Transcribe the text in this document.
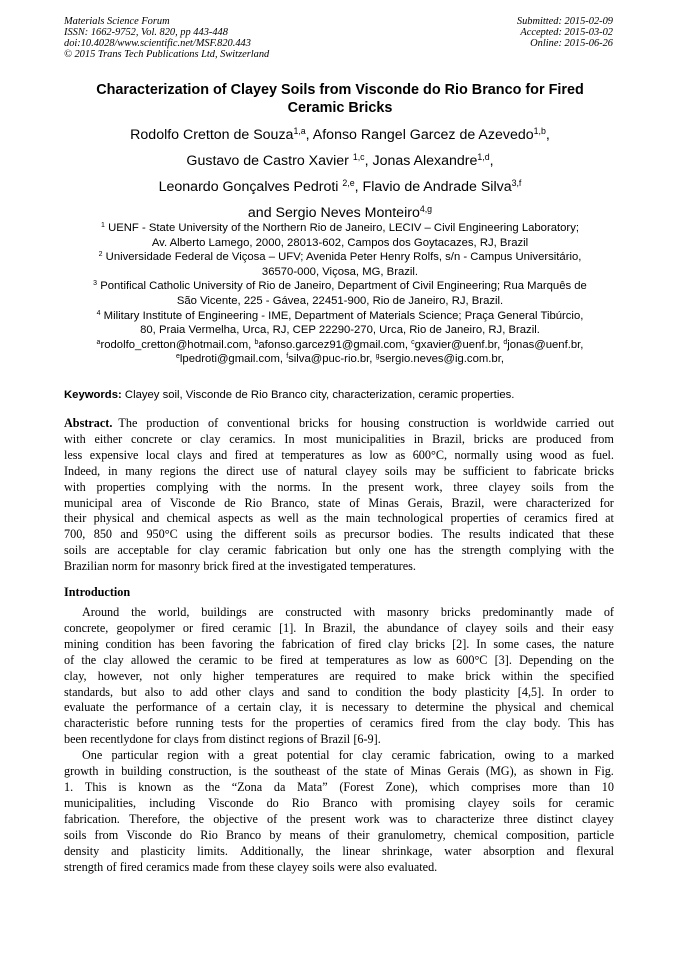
Materials Science Forum
ISSN: 1662-9752, Vol. 820, pp 443-448
doi:10.4028/www.scientific.net/MSF.820.443
© 2015 Trans Tech Publications Ltd, Switzerland
Submitted: 2015-02-09
Accepted: 2015-03-02
Online: 2015-06-26
Characterization of Clayey Soils from Visconde do Rio Branco for Fired
Ceramic Bricks
Rodolfo Cretton de Souza$^{1,a}$, Afonso Rangel Garcez de Azevedo$^{1,b}$,
Gustavo de Castro Xavier $^{1,c}$, Jonas Alexandre$^{1,d}$,
Leonardo Gonçalves Pedroti $^{2,e}$, Flavio de Andrade Silva$^{3,f}$
and Sergio Neves Monteiro$^{4,g}$
$^1$ UENF - State University of the Northern Rio de Janeiro, LECIV – Civil Engineering Laboratory;
Av. Alberto Lamego, 2000, 28013-602, Campos dos Goytacazes, RJ, Brazil
$^2$ Universidade Federal de Viçosa – UFV; Avenida Peter Henry Rolfs, s/n - Campus Universitário,
36570-000, Viçosa, MG, Brazil.
$^3$ Pontifical Catholic University of Rio de Janeiro, Department of Civil Engineering; Rua Marquês de
São Vicente, 225 - Gávea, 22451-900, Rio de Janeiro, RJ, Brazil.
$^4$ Military Institute of Engineering - IME, Department of Materials Science; Praça General Tibúrcio,
80, Praia Vermelha, Urca, RJ, CEP 22290-270, Urca, Rio de Janeiro, RJ, Brazil.
$^a$rodolfo_cretton@hotmail.com, $^b$afonso.garcez91@gmail.com, $^c$gxavier@uenf.br, $^d$jonas@uenf.br,
$^e$lpedroti@gmail.com, $^f$silva@puc-rio.br, $^g$sergio.neves@ig.com.br,
Keywords: Clayey soil, Visconde de Rio Branco city, characterization, ceramic properties.
Abstract. The production of conventional bricks for housing construction is worldwide carried out
with either concrete or clay ceramics. In most municipalities in Brazil, bricks are produced from
less expensive local clays and fired at temperatures as low as 600°C, normally using wood as fuel.
Indeed, in many regions the direct use of natural clayey soils may be sufficient to fabricate bricks
with properties complying with the norms. In the present work, three clayey soils from the
municipal area of Visconde de Rio Branco, state of Minas Gerais, Brazil, were characterized for
their physical and chemical aspects as well as the main technological properties of ceramics fired at
700, 850 and 950°C using the different soils as precursor bodies. The results indicated that these
soils are acceptable for clay ceramic fabrication but only one has the strength complying with the
Brazilian norm for masonry brick fired at the investigated temperatures.
Introduction
Around the world, buildings are constructed with masonry bricks predominantly made of
concrete, geopolymer or fired ceramic [1]. In Brazil, the abundance of clayey soils and their easy
mining condition has been favoring the fabrication of fired clay bricks [2]. In some cases, the nature
of the clay allowed the ceramic to be fired at temperatures as low as 600°C [3]. Depending on the
clay, however, not only higher temperatures are required to make brick within the specified
standards, but also to add other clays and sand to condition the body plasticity [4,5]. In order to
evaluate the performance of a certain clay, it is necessary to determine the physical and chemical
characteristic before running tests for the properties of ceramics fired from the clay body. This has
been recentlydone for clays from distinct regions of Brazil [6-9].
One particular region with a great potential for clay ceramic fabrication, owing to a marked
growth in building construction, is the southeast of the state of Minas Gerais (MG), as shown in Fig.
1. This is known as the “Zona da Mata” (Forest Zone), which comprises more than 10
municipalities, including Visconde do Rio Branco with promising clayey soils for ceramic
fabrication. Therefore, the objective of the present work was to characterize three distinct clayey
soils from Visconde do Rio Branco by means of their granulometry, chemical composition, particle
density and plasticity limits. Additionally, the linear shrinkage, water absorption and flexural
strength of fired ceramics made from these clayey soils were also evaluated.
